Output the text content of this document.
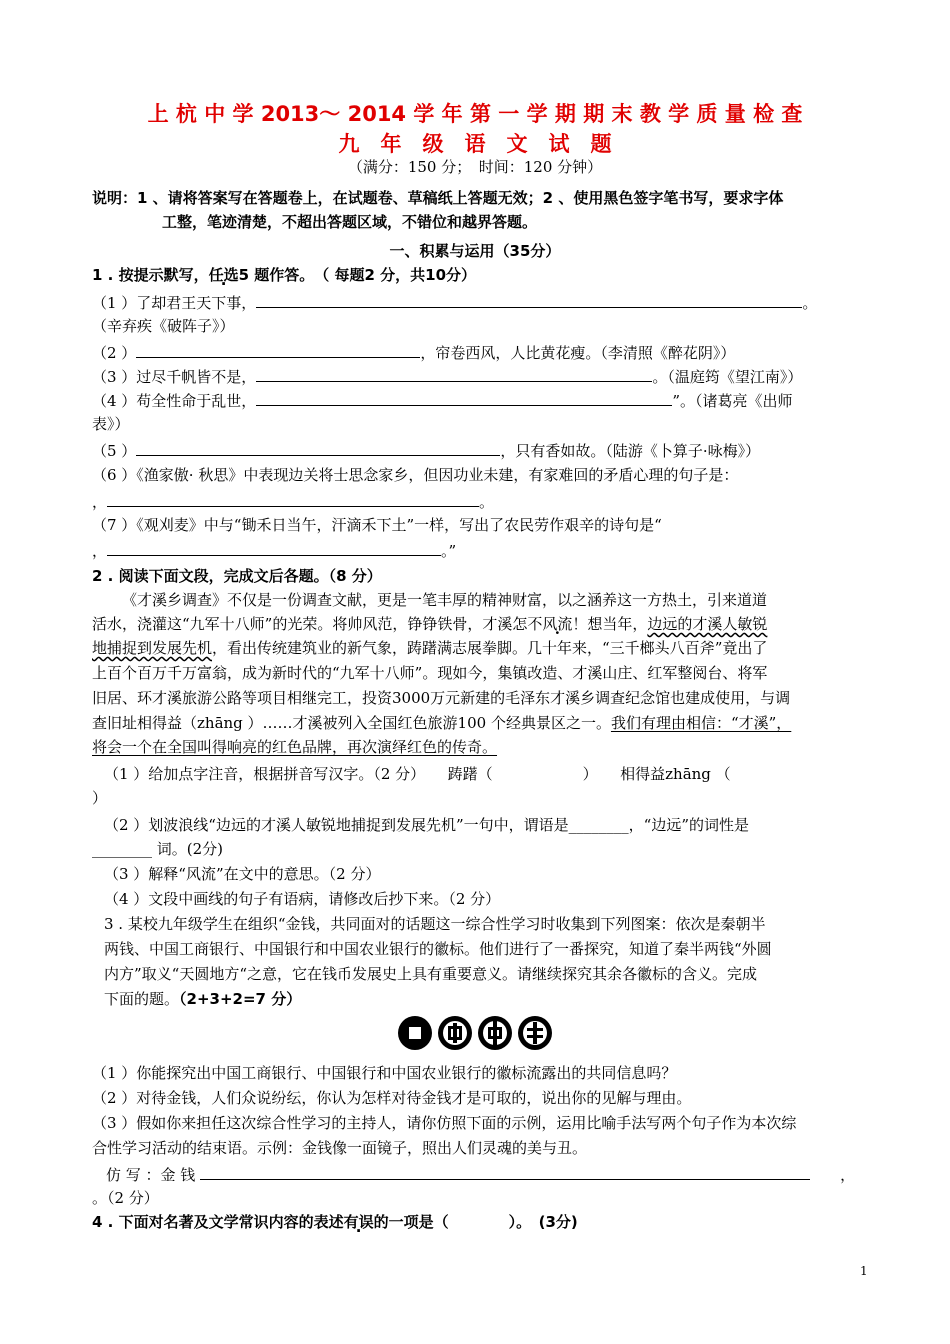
上 杭 中 学 2013～ 2014 学 年 第 一 学 期 期 末 教 学 质 量 检 查
九　年　级　语　文　试　题
（满分：150 分；　时间：120 分钟）
说明：1 、请将答案写在答题卷上，在试题卷、草稿纸上答题无效；2 、使用黑色签字笔书写，要求字体
工整，笔迹清楚，不超出答题区域，不错位和越界答题。
一、积累与运用（35分）
1 . 按提示默写，任选5 题作答。　（ 每题2 分，共10分）
（1 ）了却君王天下事，	。
（辛弃疾《破阵子》）
（2 ）	，帘卷西风，人比黄花瘦。（李清照《醉花阴》）
（3 ）过尽千帆皆不是，	。（温庭筠《望江南》）
（4 ）苟全性命于乱世，	”。（诸葛亮《出师
表》）
（5 ）	，只有香如故。（陆游《卜算子·咏梅》）
（6 ）《渔家傲· 秋思》中表现边关将士思念家乡，但因功业未建，有家难回的矛盾心理的句子是：
，	。
（7 ）《观刈麦》中与“锄禾日当午，汗滴禾下土”一样，写出了农民劳作艰辛的诗句是“
，	。”
2 . 阅读下面文段，完成文后各题。（8 分）
《才溪乡调查》不仅是一份调查文献，更是一笔丰厚的精神财富，以之涵养这一方热土，引来道道
活水，浇灌这“九军十八师”的光荣。将帅风范，铮铮铁骨，才溪怎不风流！想当年，边远的才溪人敏锐
地捕捉到发展先机，看出传统建筑业的新气象，踌躇满志展拳脚。几十年来，“三千榔头八百斧”竟出了
上百个百万千万富翁，成为新时代的“九军十八师”。现如今，集镇改造、才溪山庄、红军整阅台、将军
旧居、环才溪旅游公路等项目相继完工，投资3000万元新建的毛泽东才溪乡调查纪念馆也建成使用，与调
查旧址相得益（zhāng ）……才溪被列入全国红色旅游100 个经典景区之一。我们有理由相信：“才溪”，
将会一个在全国叫得响亮的红色品牌，再次演绎红色的传奇。
（1 ）给加点字注音，根据拼音写汉字。（2 分）　　踌躇（　　　　　　）　　相得益zhāng （
）
（2 ）划波浪线“边远的才溪人敏锐地捕捉到发展先机”一句中，谓语是________，“边远”的词性是
________ 词。(2分)
（3 ）解释“风流”在文中的意思。（2 分）
（4 ）文段中画线的句子有语病，请修改后抄下来。（2 分）
3 . 某校九年级学生在组织“金钱，共同面对的话题这一综合性学习时收集到下列图案：依次是秦朝半
两钱、中国工商银行、中国银行和中国农业银行的徽标。他们进行了一番探究，知道了秦半两钱“外圆
内方”取义“天圆地方“之意，它在钱币发展史上具有重要意义。请继续探究其余各徽标的含义。完成
下面的题。（2+3+2=7 分）
（1 ）你能探究出中国工商银行、中国银行和中国农业银行的徽标流露出的共同信息吗？
（2 ）对待金钱，人们众说纷纭，你认为怎样对待金钱才是可取的，说出你的见解与理由。
（3 ）假如你来担任这次综合性学习的主持人，请你仿照下面的示例，运用比喻手法写两个句子作为本次综
合性学习活动的结束语。示例：金钱像一面镜子，照出人们灵魂的美与丑。
仿 写 ：金 钱	，
。（2 分）
4 . 下面对名著及文学常识内容的表述有误的一项是（　　　　）。　(3分)
1
